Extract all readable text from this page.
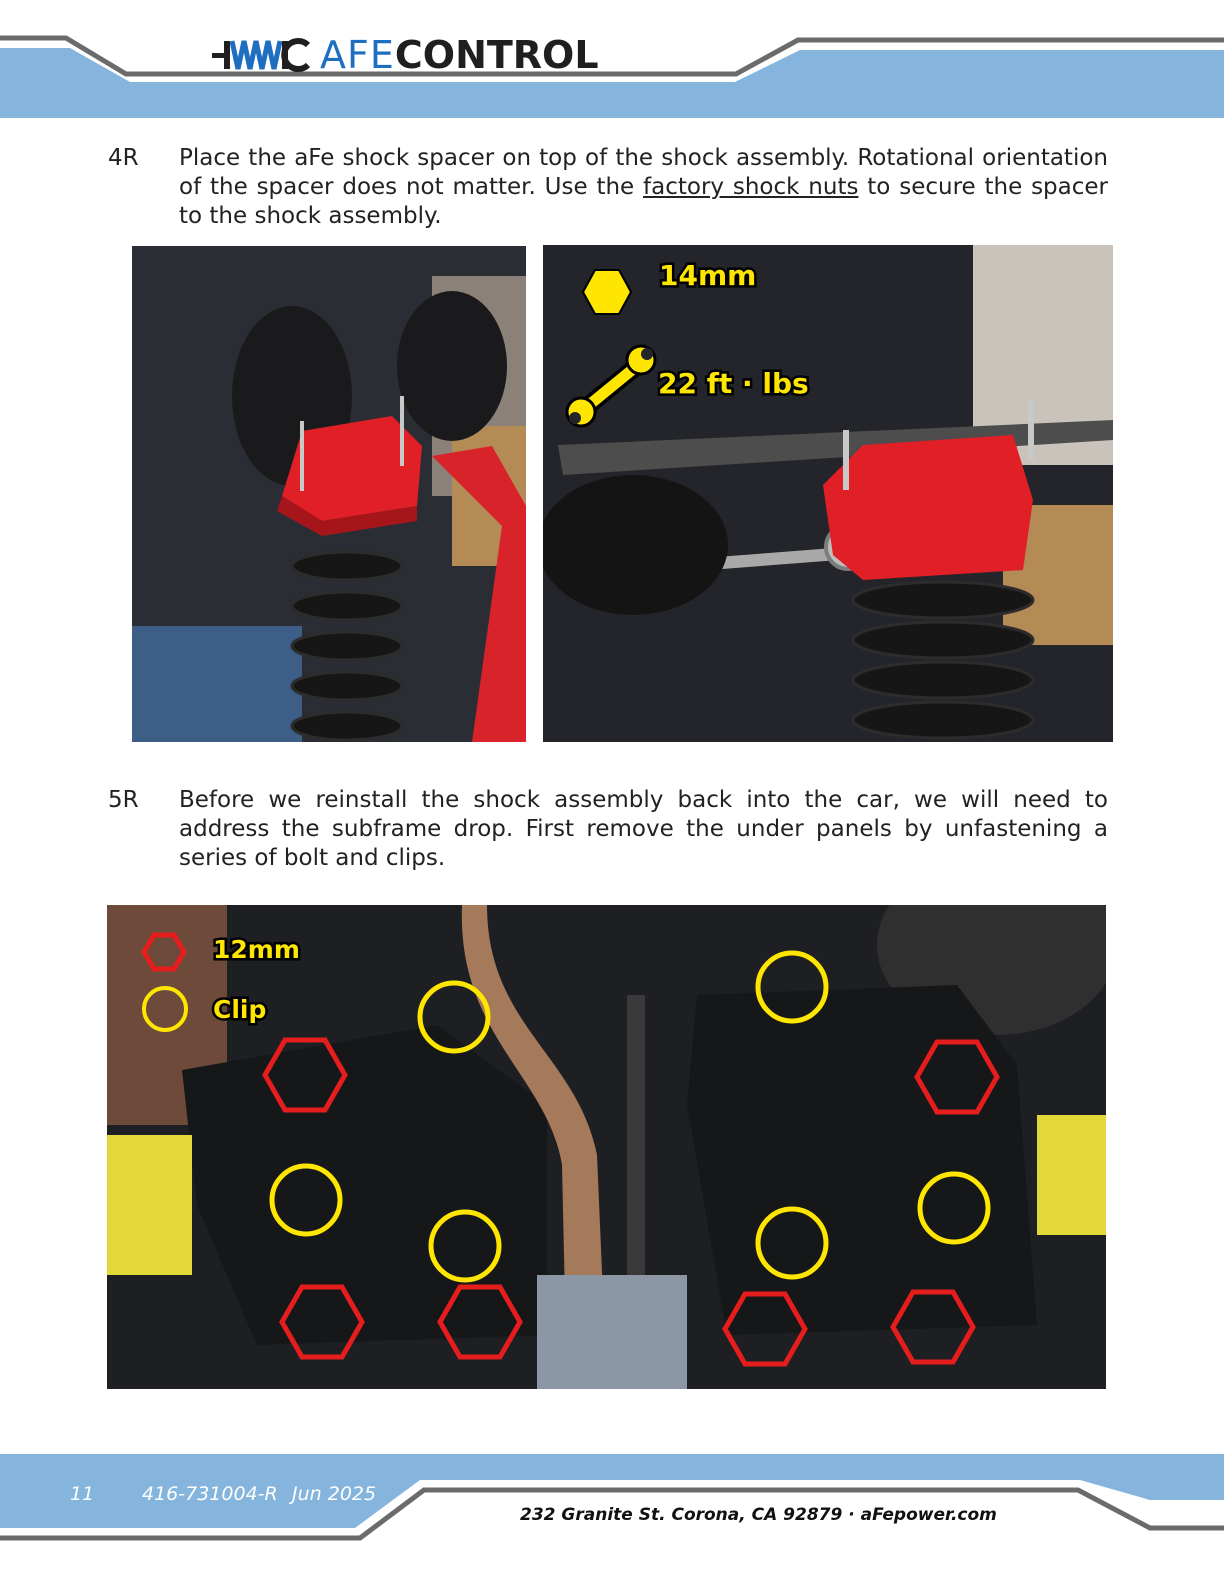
AFECONTROL
4R Place the aFe shock spacer on top of the shock assembly. Rotational orientation of the spacer does not matter. Use the factory shock nuts to secure the spacer to the shock assembly.
14mm
22 ft · lbs
5R Before we reinstall the shock assembly back into the car, we will need to address the subframe drop. First remove the under panels by unfastening a series of bolt and clips.
12mm
Clip
11	416-731004-R Jun 2025
232 Granite St. Corona, CA 92879 · aFepower.com
